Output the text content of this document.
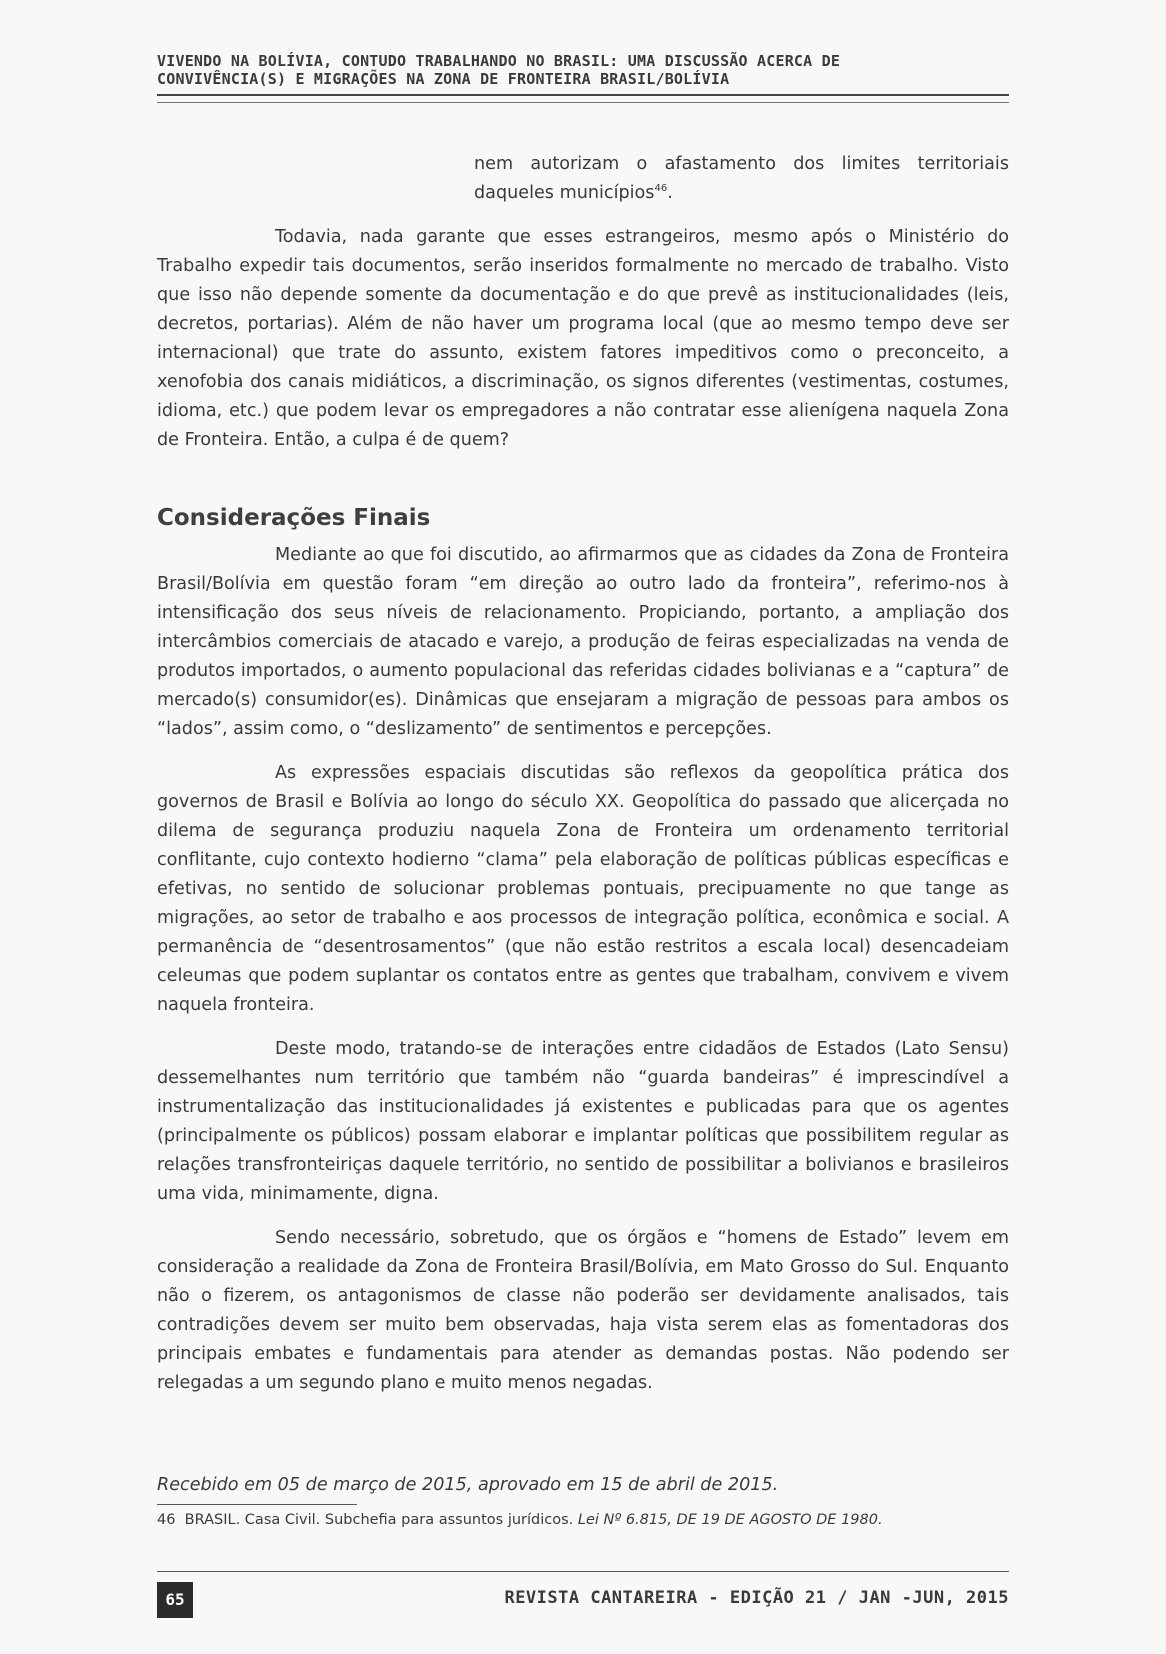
VIVENDO NA BOLÍVIA, CONTUDO TRABALHANDO NO BRASIL: UMA DISCUSSÃO ACERCA DE
CONVIVÊNCIA(S) E MIGRAÇÕES NA ZONA DE FRONTEIRA BRASIL/BOLÍVIA

nem autorizam o afastamento dos limites territoriais daqueles municípios$^{46}$.

Todavia, nada garante que esses estrangeiros, mesmo após o Ministério do Trabalho expedir tais documentos, serão inseridos formalmente no mercado de trabalho. Visto que isso não depende somente da documentação e do que prevê as institucionalidades (leis, decretos, portarias). Além de não haver um programa local (que ao mesmo tempo deve ser internacional) que trate do assunto, existem fatores impeditivos como o preconceito, a xenofobia dos canais midiáticos, a discriminação, os signos diferentes (vestimentas, costumes, idioma, etc.) que podem levar os empregadores a não contratar esse alienígena naquela Zona de Fronteira. Então, a culpa é de quem?

Considerações Finais

Mediante ao que foi discutido, ao afirmarmos que as cidades da Zona de Fronteira Brasil/Bolívia em questão foram “em direção ao outro lado da fronteira”, referimo-nos à intensificação dos seus níveis de relacionamento. Propiciando, portanto, a ampliação dos intercâmbios comerciais de atacado e varejo, a produção de feiras especializadas na venda de produtos importados, o aumento populacional das referidas cidades bolivianas e a “captura” de mercado(s) consumidor(es). Dinâmicas que ensejaram a migração de pessoas para ambos os “lados”, assim como, o “deslizamento” de sentimentos e percepções.

As expressões espaciais discutidas são reflexos da geopolítica prática dos governos de Brasil e Bolívia ao longo do século XX. Geopolítica do passado que alicerçada no dilema de segurança produziu naquela Zona de Fronteira um ordenamento territorial conflitante, cujo contexto hodierno “clama” pela elaboração de políticas públicas específicas e efetivas, no sentido de solucionar problemas pontuais, precipuamente no que tange as migrações, ao setor de trabalho e aos processos de integração política, econômica e social. A permanência de “desentrosamentos” (que não estão restritos a escala local) desencadeiam celeumas que podem suplantar os contatos entre as gentes que trabalham, convivem e vivem naquela fronteira.

Deste modo, tratando-se de interações entre cidadãos de Estados (Lato Sensu) dessemelhantes num território que também não “guarda bandeiras” é imprescindível a instrumentalização das institucionalidades já existentes e publicadas para que os agentes (principalmente os públicos) possam elaborar e implantar políticas que possibilitem regular as relações transfronteiriças daquele território, no sentido de possibilitar a bolivianos e brasileiros uma vida, minimamente, digna.

Sendo necessário, sobretudo, que os órgãos e “homens de Estado” levem em consideração a realidade da Zona de Fronteira Brasil/Bolívia, em Mato Grosso do Sul. Enquanto não o fizerem, os antagonismos de classe não poderão ser devidamente analisados, tais contradições devem ser muito bem observadas, haja vista serem elas as fomentadoras dos principais embates e fundamentais para atender as demandas postas. Não podendo ser relegadas a um segundo plano e muito menos negadas.

Recebido em 05 de março de 2015, aprovado em 15 de abril de 2015.
46 BRASIL. Casa Civil. Subchefia para assuntos jurídicos. Lei Nº 6.815, DE 19 DE AGOSTO DE 1980.
65	REVISTA CANTAREIRA - EDIÇÃO 21 / JAN -JUN, 2015
